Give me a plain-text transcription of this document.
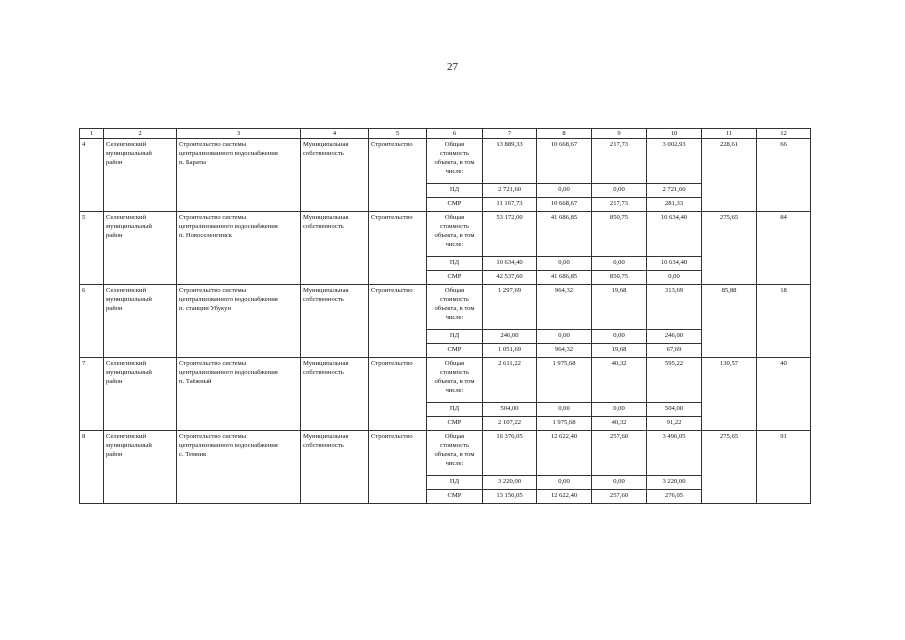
27
1	2	3	4	5	6	7	8	9	10	11	12
4	Селенгинский
муниципальный
район	Строительство системы
централизованного водоснабжения
п. Бараты	Муниципальная
собственность	Строительство	Общая
стоимость
объекта, в том
числе:	13 889,33	10 668,67	217,73	3 002,93	228,61	66
					ПД	2 721,60	0,00	0,00	2 721,60		
					СМР	11 167,73	10 668,67	217,73	281,33		
5	Селенгинский
муниципальный
район	Строительство системы
централизованного водоснабжения
п. Новоселенгинск	Муниципальная
собственность	Строительство	Общая
стоимость
объекта, в том
числе:	53 172,00	41 686,85	850,75	10 634,40	275,65	84
					ПД	10 634,40	0,00	0,00	10 634,40		
					СМР	42 537,60	41 686,85	850,75	0,00		
6	Селенгинский
муниципальный
район	Строительство системы
централизованного водоснабжения
п. станции Убукун	Муниципальная
собственность	Строительство	Общая
стоимость
объекта, в том
числе:	1 297,69	964,32	19,68	313,69	85,88	18
					ПД	246,00	0,00	0,00	246,00		
					СМР	1 051,69	964,32	19,68	67,69		
7	Селенгинский
муниципальный
район	Строительство системы
централизованного водоснабжения
п. Таёжный	Муниципальная
собственность	Строительство	Общая
стоимость
объекта, в том
числе:	2 611,22	1 975,68	40,32	595,22	130,57	40
					ПД	504,00	0,00	0,00	504,00		
					СМР	2 107,22	1 975,68	40,32	91,22		
8	Селенгинский
муниципальный
район	Строительство системы
централизованного водоснабжения
с. Темник	Муниципальная
собственность	Строительство	Общая
стоимость
объекта, в том
числе:	16 376,05	12 622,40	257,60	3 496,05	275,65	91
					ПД	3 220,00	0,00	0,00	3 220,00		
					СМР	13 156,05	12 622,40	257,60	276,05		
